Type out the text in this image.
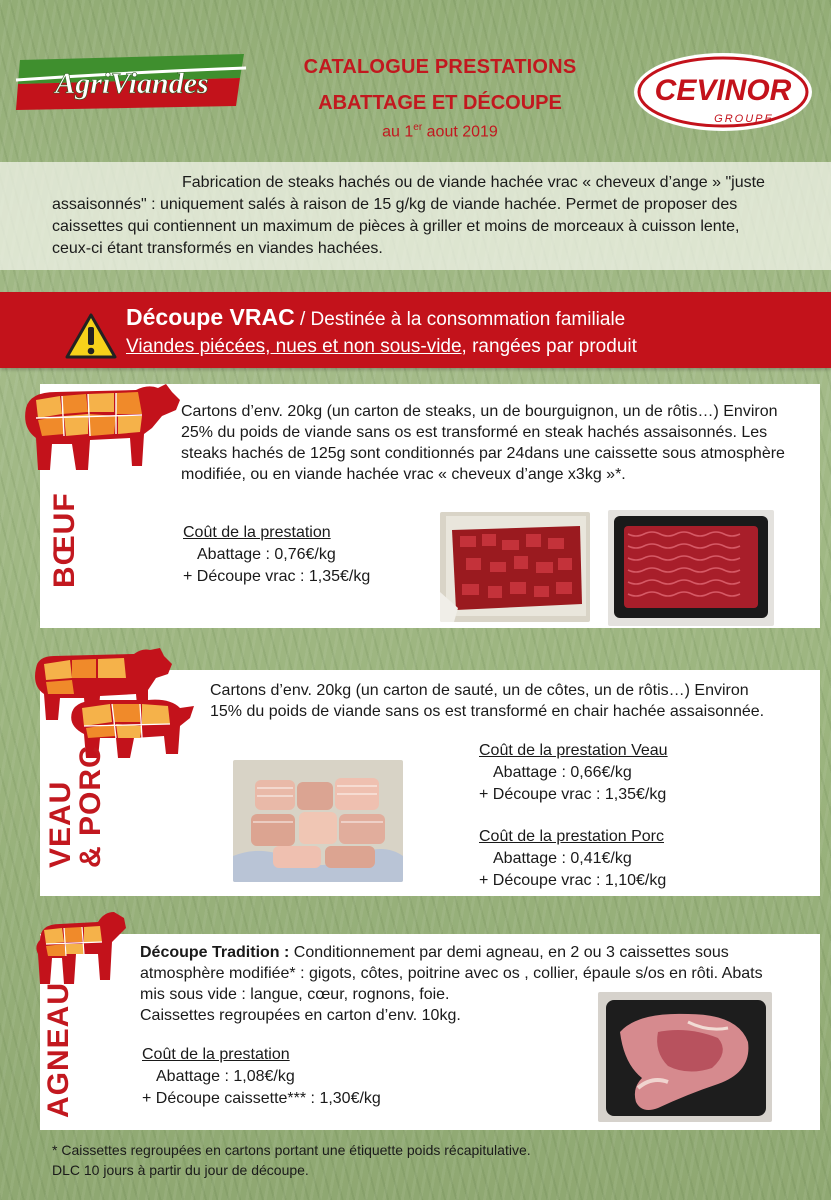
AgriViandes	CEVINOR
GROUPE
CATALOGUE PRESTATIONS
ABATTAGE ET DÉCOUPE
au 1er aout 2019
Fabrication de steaks hachés ou de viande hachée vrac « cheveux d’ange » "juste assaisonnés" : uniquement salés à raison de 15 g/kg de viande hachée. Permet de proposer des caissettes qui contiennent un maximum de pièces à griller et moins de morceaux à cuisson lente, ceux-ci étant transformés en viandes hachées.
Découpe VRAC / Destinée à la consommation familiale
Viandes piécées, nues et non sous-vide, rangées par produit
BŒUF
Cartons d’env. 20kg (un carton de steaks, un de bourguignon, un de rôtis…) Environ 25% du poids de viande sans os est transformé en steak hachés assaisonnés. Les steaks hachés de 125g sont conditionnés par 24dans une caissette sous atmosphère modifiée, ou en viande hachée vrac « cheveux d’ange x3kg »*.
Coût de la prestation
Abattage : 0,76€/kg
+ Découpe vrac : 1,35€/kg
VEAU
& PORC
Cartons d’env. 20kg (un carton de sauté, un de côtes, un de rôtis…) Environ 15% du poids de viande sans os est transformé en chair hachée assaisonnée.
Coût de la prestation Veau
Abattage : 0,66€/kg
+ Découpe vrac : 1,35€/kg
Coût de la prestation Porc
Abattage : 0,41€/kg
+ Découpe vrac : 1,10€/kg
AGNEAU
Découpe Tradition : Conditionnement par demi agneau, en 2 ou 3 caissettes sous atmosphère modifiée* : gigots, côtes, poitrine avec os , collier, épaule s/os en rôti. Abats mis sous vide : langue, cœur, rognons, foie.
Caissettes regroupées en carton d’env. 10kg.
Coût de la prestation
Abattage : 1,08€/kg
+ Découpe caissette*** : 1,30€/kg
* Caissettes regroupées en cartons portant une étiquette poids récapitulative.
DLC 10 jours à partir du jour de découpe.
